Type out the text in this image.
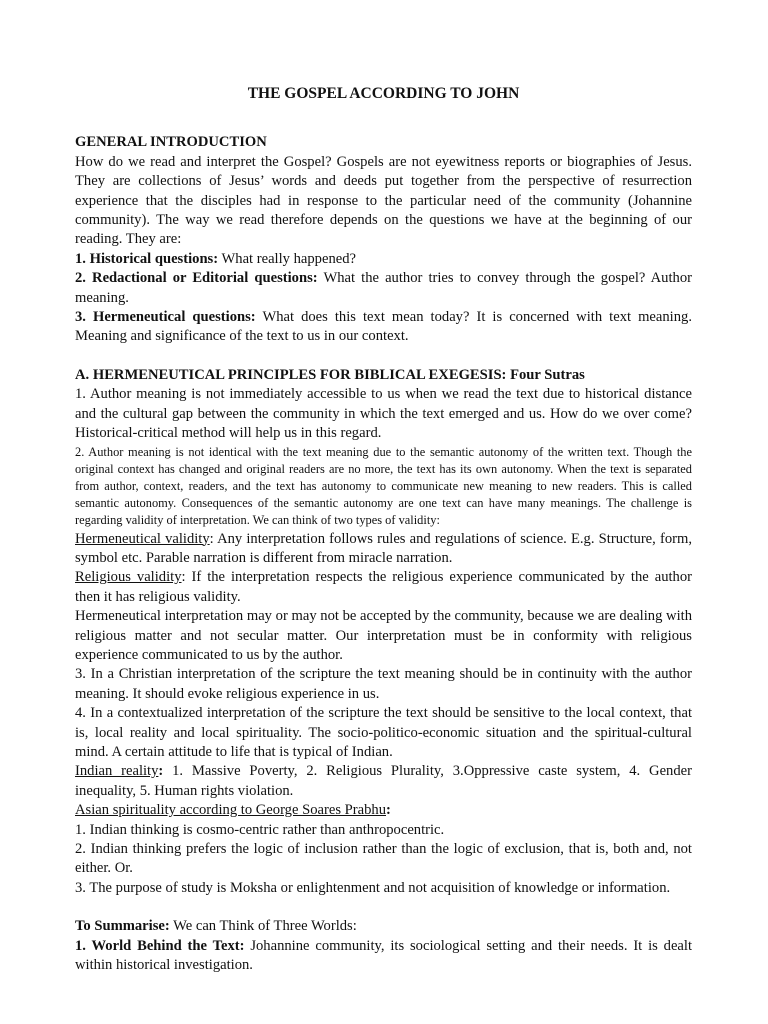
THE GOSPEL ACCORDING TO JOHN
GENERAL INTRODUCTION

How do we read and interpret the Gospel? Gospels are not eyewitness reports or biographies of Jesus. They are collections of Jesus’ words and deeds put together from the perspective of resurrection experience that the disciples had in response to the particular need of the community (Johannine community). The way we read therefore depends on the questions we have at the beginning of our reading. They are:

1. Historical questions: What really happened?

2. Redactional or Editorial questions: What the author tries to convey through the gospel? Author meaning.

3. Hermeneutical questions: What does this text mean today? It is concerned with text meaning. Meaning and significance of the text to us in our context.

A. HERMENEUTICAL PRINCIPLES FOR BIBLICAL EXEGESIS: Four Sutras

1. Author meaning is not immediately accessible to us when we read the text due to historical distance and the cultural gap between the community in which the text emerged and us. How do we over come? Historical-critical method will help us in this regard.

2. Author meaning is not identical with the text meaning due to the semantic autonomy of the written text. Though the original context has changed and original readers are no more, the text has its own autonomy. When the text is separated from author, context, readers, and the text has autonomy to communicate new meaning to new readers. This is called semantic autonomy. Consequences of the semantic autonomy are one text can have many meanings. The challenge is regarding validity of interpretation. We can think of two types of validity:

Hermeneutical validity: Any interpretation follows rules and regulations of science. E.g. Structure, form, symbol etc. Parable narration is different from miracle narration.

Religious validity: If the interpretation respects the religious experience communicated by the author then it has religious validity.

Hermeneutical interpretation may or may not be accepted by the community, because we are dealing with religious matter and not secular matter. Our interpretation must be in conformity with religious experience communicated to us by the author.

3. In a Christian interpretation of the scripture the text meaning should be in continuity with the author meaning. It should evoke religious experience in us.

4. In a contextualized interpretation of the scripture the text should be sensitive to the local context, that is, local reality and local spirituality. The socio-politico-economic situation and the spiritual-cultural mind. A certain attitude to life that is typical of Indian.

Indian reality: 1. Massive Poverty, 2. Religious Plurality, 3.Oppressive caste system, 4. Gender inequality, 5. Human rights violation.

Asian spirituality according to George Soares Prabhu:

1. Indian thinking is cosmo-centric rather than anthropocentric.

2. Indian thinking prefers the logic of inclusion rather than the logic of exclusion, that is, both and, not either. Or.

3. The purpose of study is Moksha or enlightenment and not acquisition of knowledge or information.

To Summarise: We can Think of Three Worlds:

1. World Behind the Text: Johannine community, its sociological setting and their needs. It is dealt within historical investigation.
